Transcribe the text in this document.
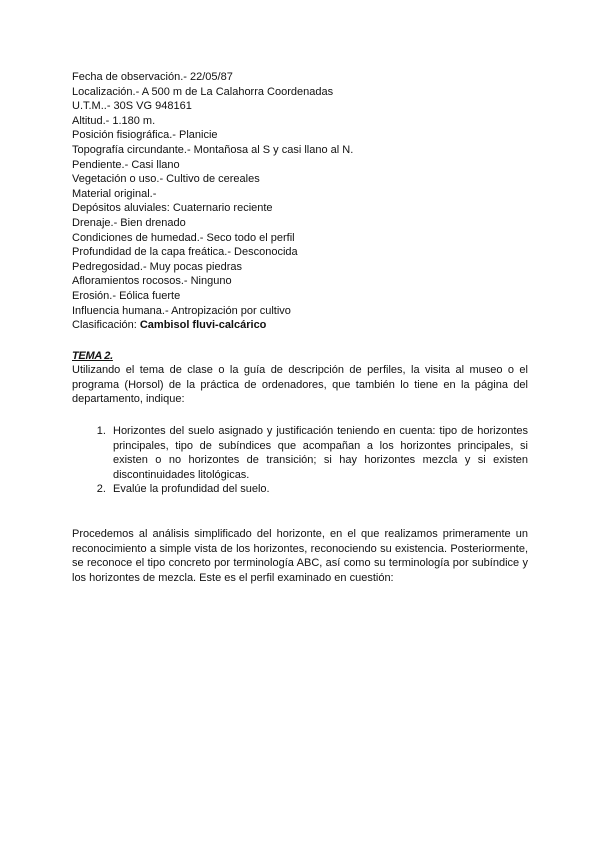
Fecha de observación.- 22/05/87

Localización.- A 500 m de La Calahorra Coordenadas

U.T.M..- 30S VG 948161

Altitud.- 1.180 m.

Posición fisiográfica.- Planicie

Topografía circundante.- Montañosa al S y casi llano al N.

Pendiente.- Casi llano

Vegetación o uso.- Cultivo de cereales

Material original.-

Depósitos aluviales: Cuaternario reciente

Drenaje.- Bien drenado

Condiciones de humedad.- Seco todo el perfil

Profundidad de la capa freática.- Desconocida

Pedregosidad.- Muy pocas piedras

Afloramientos rocosos.- Ninguno

Erosión.- Eólica fuerte

Influencia humana.- Antropización por cultivo

Clasificación: Cambisol fluvi-calcárico

TEMA 2.

Utilizando el tema de clase o la guía de descripción de perfiles, la visita al museo o el programa (Horsol) de la práctica de ordenadores, que también lo tiene en la página del departamento, indique:

1. Horizontes del suelo asignado y justificación teniendo en cuenta: tipo de horizontes principales, tipo de subíndices que acompañan a los horizontes principales, si existen o no horizontes de transición; si hay horizontes mezcla y si existen discontinuidades litológicas.
2. Evalúe la profundidad del suelo.

Procedemos al análisis simplificado del horizonte, en el que realizamos primeramente un reconocimiento a simple vista de los horizontes, reconociendo su existencia. Posteriormente, se reconoce el tipo concreto por terminología ABC, así como su terminología por subíndice y los horizontes de mezcla. Este es el perfil examinado en cuestión:
